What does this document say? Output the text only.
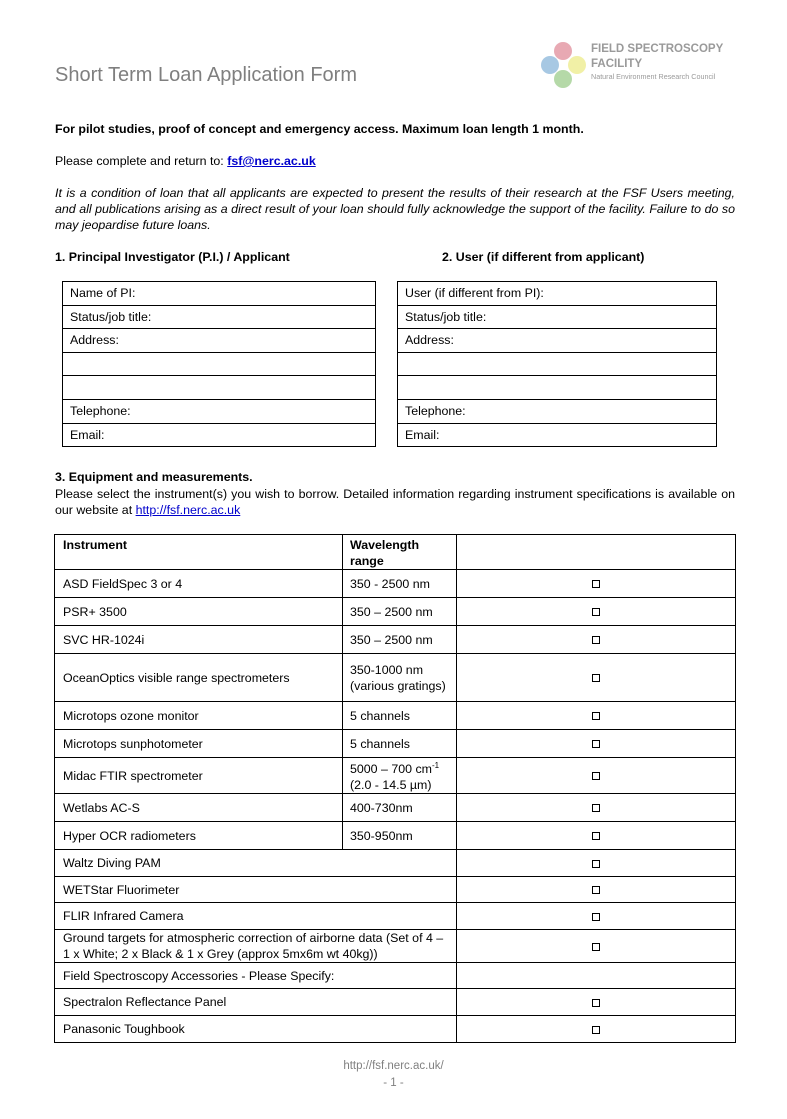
Short Term Loan Application Form
FIELD SPECTROSCOPY
FACILITY
Natural Environment Research Council
For pilot studies, proof of concept and emergency access. Maximum loan length 1 month.
Please complete and return to: fsf@nerc.ac.uk
It is a condition of loan that all applicants are expected to present the results of their research at the FSF Users meeting, and all publications arising as a direct result of your loan should fully acknowledge the support of the facility. Failure to do so may jeopardise future loans.
1. Principal Investigator (P.I.) / Applicant	2. User (if different from applicant)
Name of PI:
Status/job title:
Address:

Telephone:
Email:
User (if different from PI):
Status/job title:
Address:

Telephone:
Email:
3. Equipment and measurements.
Please select the instrument(s) you wish to borrow. Detailed information regarding instrument specifications is available on our website at http://fsf.nerc.ac.uk
Instrument	Wavelength range	
ASD FieldSpec 3 or 4	350 - 2500 nm	
PSR+ 3500	350 – 2500 nm	
SVC HR-1024i	350 – 2500 nm	
OceanOptics visible range spectrometers	350-1000 nm (various gratings)	
Microtops ozone monitor	5 channels	
Microtops sunphotometer	5 channels	
Midac FTIR spectrometer	5000 – 700 $cm^{-1}$
(2.0 - 14.5 µm)	
Wetlabs AC-S	400-730nm	
Hyper OCR radiometers	350-950nm	
Waltz Diving PAM		
WETStar Fluorimeter		
FLIR Infrared Camera		
Ground targets for atmospheric correction of airborne data (Set of 4 – 1 x White; 2 x Black & 1 x Grey (approx 5mx6m wt 40kg))		
Field Spectroscopy Accessories - Please Specify:		
Spectralon Reflectance Panel		
Panasonic Toughbook		
http://fsf.nerc.ac.uk/
- 1 -
